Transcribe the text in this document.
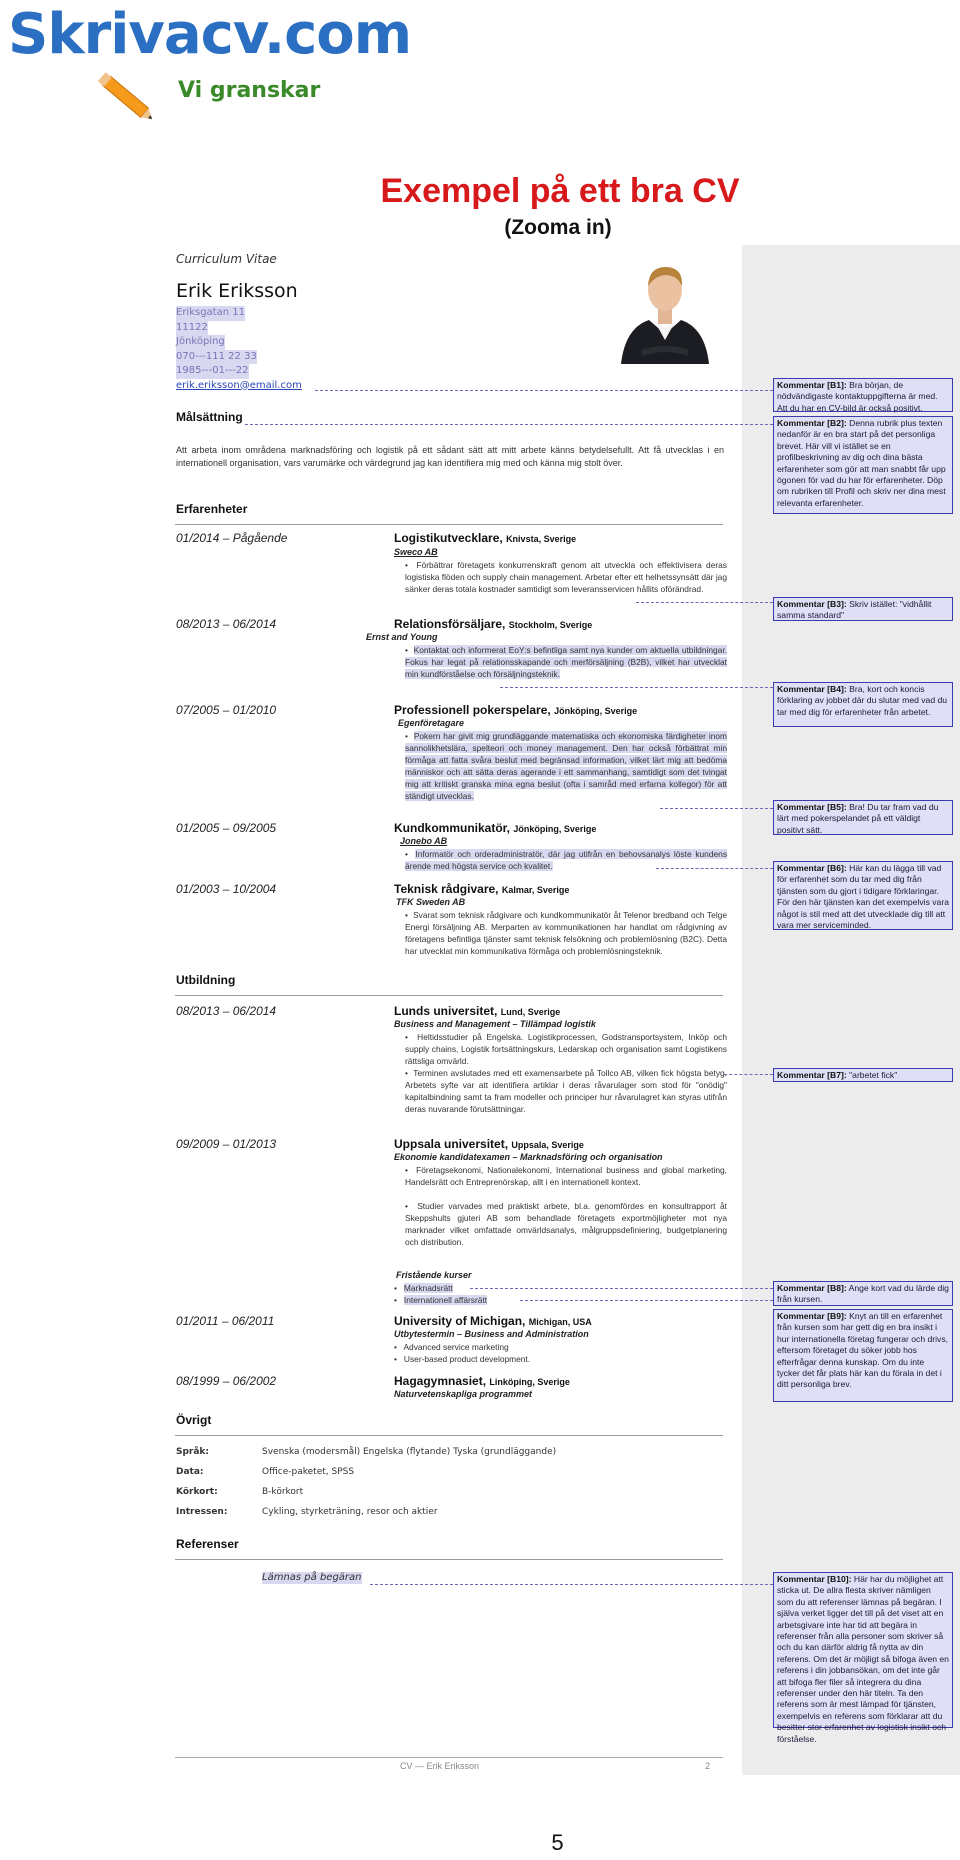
Skrivacv.com
Vi granskar
Exempel på ett bra CV
(Zooma in)
Curriculum Vitae
Erik Eriksson
Eriksgatan 11
11122
Jönköping
070---111 22 33
1985---01---22
erik.eriksson@email.com
Målsättning
Att arbeta inom områdena marknadsföring och logistik på ett sådant sätt att mitt arbete känns betydelsefullt. Att få utvecklas i en internationell organisation, vars varumärke och värdegrund jag kan identifiera mig med och känna mig stolt över.
Erfarenheter
01/2014 – Pågående	Logistikutvecklare, Knivsta, Sverige
Sweco AB
•  Förbättrar företagets konkurrenskraft genom att utveckla och effektivisera deras logistiska flöden och supply chain management. Arbetar efter ett helhetssynsätt där jag sänker deras totala kostnader samtidigt som leveransservicen hållits oförändrad.
08/2013 – 06/2014	Relationsförsäljare, Stockholm, Sverige
Ernst and Young
•  Kontaktat och informerat EoY:s befintliga samt nya kunder om aktuella utbildningar. Fokus har legat på relationsskapande och merförsäljning (B2B), vilket har utvecklat min kundförståelse och försäljningsteknik.
07/2005 – 01/2010	Professionell pokerspelare, Jönköping, Sverige
Egenföretagare
•  Pokern har givit mig grundläggande matematiska och ekonomiska färdigheter inom sannolikhetslära, spelteori och money management. Den har också förbättrat min förmåga att fatta svåra beslut med begränsad information, vilket lärt mig att bedöma människor och att sätta deras agerande i ett sammanhang, samtidigt som det tvingat mig att kritiskt granska mina egna beslut (ofta i samråd med erfarna kollegor) för att ständigt utvecklas.
01/2005 – 09/2005	Kundkommunikatör, Jönköping, Sverige
Jonebo AB
•  Informatör och orderadministratör, där jag utifrån en behovsanalys löste kundens ärende med högsta service och kvalitet.
01/2003 – 10/2004	Teknisk rådgivare, Kalmar, Sverige
TFK Sweden AB
•  Svarat som teknisk rådgivare och kundkommunikatör åt Telenor bredband och Telge Energi försäljning AB. Merparten av kommunikationen har handlat om rådgivning av företagens befintliga tjänster samt teknisk felsökning och problemlösning (B2C). Detta har utvecklat min kommunikativa förmåga och problemlösningsteknik.
Utbildning
08/2013 – 06/2014	Lunds universitet, Lund, Sverige
Business and Management – Tillämpad logistik
•  Heltidsstudier på Engelska. Logistikprocessen, Godstransportsystem, Inköp och supply chains, Logistik fortsättningskurs, Ledarskap och organisation samt Logistikens rättsliga omvärld.
•  Terminen avslutades med ett examensarbete på Tollco AB, vilken fick högsta betyg. Arbetets syfte var att identifiera artiklar i deras råvarulager som stod för "onödig" kapitalbindning samt ta fram modeller och principer hur råvarulagret kan styras utifrån deras nuvarande förutsättningar.
09/2009 – 01/2013	Uppsala universitet, Uppsala, Sverige
Ekonomie kandidatexamen – Marknadsföring och organisation
•  Företagsekonomi, Nationalekonomi, International business and global marketing, Handelsrätt och Entreprenörskap, allt i en internationell kontext.
•  Studier varvades med praktiskt arbete, bl.a. genomfördes en konsultrapport åt Skeppshults gjuteri AB som behandlade företagets exportmöjligheter mot nya marknader vilket omfattade omvärldsanalys, målgruppsdefiniering, budgetplanering och distribution.
Fristående kurser
•   Marknadsrätt
•   Internationell affärsrätt
01/2011 – 06/2011	University of Michigan, Michigan, USA
Utbytestermin – Business and Administration
•   Advanced service marketing
•   User-based product development.
08/1999 – 06/2002	Hagagymnasiet, Linköping, Sverige
Naturvetenskapliga programmet
Övrigt
Språk:	Svenska (modersmål) Engelska (flytande) Tyska (grundläggande)
Data:	Office-paketet, SPSS
Körkort:	B-körkort
Intressen:	Cykling, styrketräning, resor och aktier
Referenser
Lämnas på begäran
CV — Erik Eriksson	2
Kommentar [B1]: Bra början, de nödvändigaste kontaktuppgifterna är med. Att du har en CV-bild är också positivt.
Kommentar [B2]: Denna rubrik plus texten nedanför är en bra start på det personliga brevet. Här vill vi istället se en profilbeskrivning av dig och dina bästa erfarenheter som gör att man snabbt får upp ögonen för vad du har för erfarenheter. Döp om rubriken till Profil och skriv ner dina mest relevanta erfarenheter.
Kommentar [B3]: Skriv istället: "vidhållit samma standard"
Kommentar [B4]: Bra, kort och koncis förklaring av jobbet där du slutar med vad du tar med dig för erfarenheter från arbetet.
Kommentar [B5]: Bra! Du tar fram vad du lärt med pokerspelandet på ett väldigt positivt sätt.
Kommentar [B6]: Här kan du lägga till vad för erfarenhet som du tar med dig från tjänsten som du gjort i tidigare förklaringar. För den här tjänsten kan det exempelvis vara något is stil med att det utvecklade dig till att vara mer serviceminded.
Kommentar [B7]: "arbetet fick"
Kommentar [B8]: Ange kort vad du lärde dig från kursen.
Kommentar [B9]: Knyt an till en erfarenhet från kursen som har gett dig en bra insikt i hur internationella företag fungerar och drivs, eftersom företaget du söker jobb hos efterfrågar denna kunskap. Om du inte tycker det får plats här kan du förala in det i ditt personliga brev.
Kommentar [B10]: Här har du möjlighet att sticka ut. De allra flesta skriver nämligen som du att referenser lämnas på begäran. I själva verket ligger det till på det viset att en arbetsgivare inte har tid att begära in referenser från alla personer som skriver så och du kan därför aldrig få nytta av din referens. Om det är möjligt så bifoga även en referens i din jobbansökan, om det inte går att bifoga fler filer så integrera du dina referenser under den här titeln. Ta den referens som är mest lämpad för tjänsten, exempelvis en referens som förklarar att du besitter stor erfarenhet av logistisk insikt och förståelse.
5
